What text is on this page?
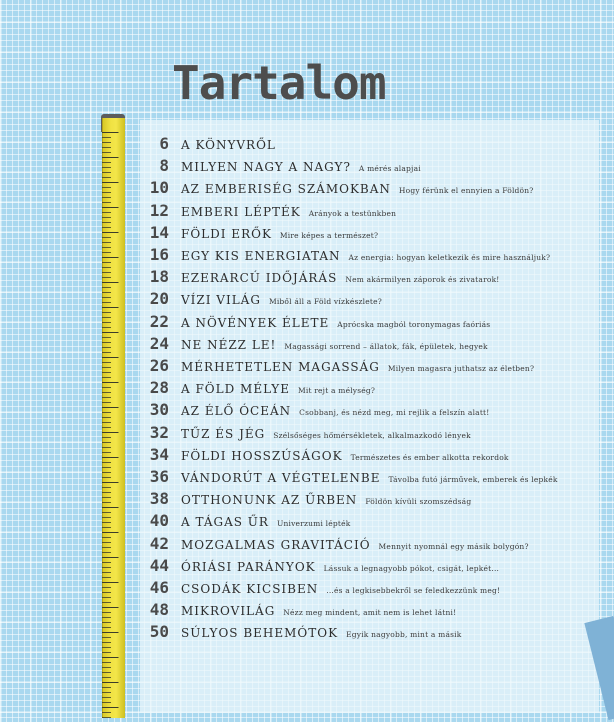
Tartalom
6 A KÖNYVRŐL
8 MILYEN NAGY A NAGY? A mérés alapjai
10 AZ EMBERISÉG SZÁMOKBAN Hogy férünk el ennyien a Földön?
12 EMBERI LÉPTÉK Arányok a testünkben
14 FÖLDI ERŐK Mire képes a természet?
16 EGY KIS ENERGIATAN Az energia: hogyan keletkezik és mire használjuk?
18 EZERARCÚ IDŐJÁRÁS Nem akármilyen záporok és zivatarok!
20 VÍZI VILÁG Miből áll a Föld vízkészlete?
22 A NÖVÉNYEK ÉLETE Aprócska magból toronymagas faóriás
24 NE NÉZZ LE! Magassági sorrend – állatok, fák, épületek, hegyek
26 MÉRHETETLEN MAGASSÁG Milyen magasra juthatsz az életben?
28 A FÖLD MÉLYE Mit rejt a mélység?
30 AZ ÉLŐ ÓCEÁN Csobbanj, és nézd meg, mi rejlik a felszín alatt!
32 TŰZ ÉS JÉG Szélsőséges hőmérsékletek, alkalmazkodó lények
34 FÖLDI HOSSZÚSÁGOK Természetes és ember alkotta rekordok
36 VÁNDORÚT A VÉGTELENBE Távolba futó járművek, emberek és lepkék
38 OTTHONUNK AZ ŰRBEN Földön kívüli szomszédság
40 A TÁGAS ŰR Univerzumi lépték
42 MOZGALMAS GRAVITÁCIÓ Mennyit nyomnál egy másik bolygón?
44 ÓRIÁSI PARÁNYOK Lássuk a legnagyobb pókot, csigát, lepkét...
46 CSODÁK KICSIBEN ...és a legkisebbekről se feledkezzünk meg!
48 MIKROVILÁG Nézz meg mindent, amit nem is lehet látni!
50 SÚLYOS BEHEMÓTOK Egyik nagyobb, mint a másik
